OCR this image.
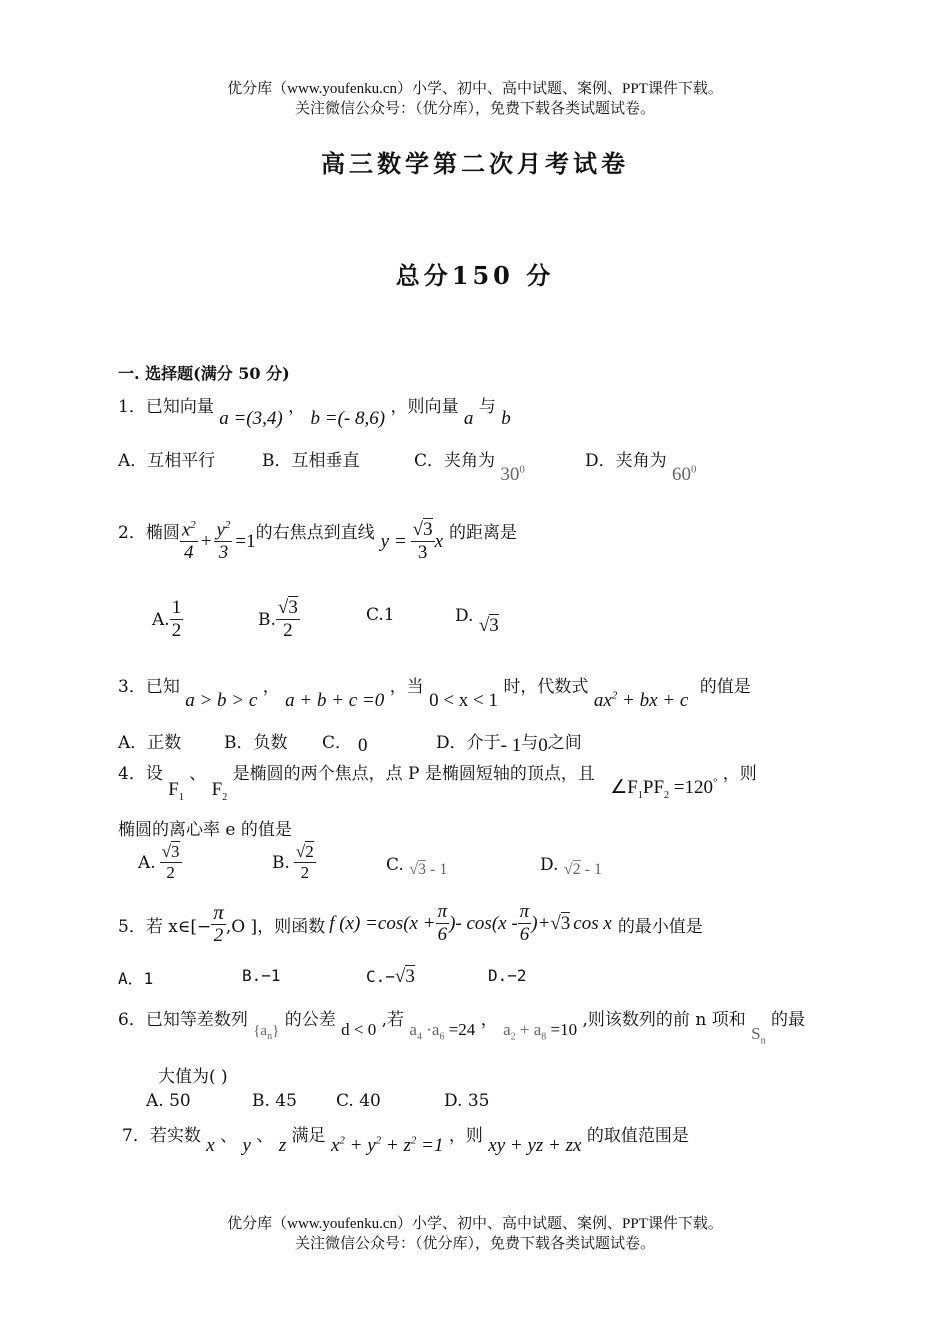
优分库（www.youfenku.cn）小学、初中、高中试题、案例、PPT课件下载。
关注微信公众号：（优分库），免费下载各类试题试卷。
高三数学第二次月考试卷
总分150 分
一. 选择题(满分 50 分)
1．已知向量 a =(3,4) ， b =(- 8,6) ，则向量 a 与 b
A．互相平行	B．互相垂直	C．夹角为 $30^0$	D．夹角为 $60^0$
2．椭圆 $\frac{x^2}{4} + \frac{y^2}{3} =1$ 的右焦点到直线 $y = \frac{√3}{3}$ x 的距离是
A. $\frac{1}{2}$	B. $\frac{√3}{2}$	C.1	D. √3
3．已知 a > b > c ， a + b + c =0 ，当 0 < x < 1 时，代数式 $ax^2$ + bx + c 的值是
A．正数	B．负数 C． 0	D．介于- 1与0之间
4．设 $F_1$ 、 $F_2$ 是椭圆的两个焦点，点 P 是椭圆短轴的顶点，且 $\angle F_1PF_2 =120^\circ$ ，则
椭圆的离心率 e 的值是
A. $\frac{√3}{2}$	B. $\frac{√2}{2}$	C. √3 - 1	D. √2 - 1
5．若 x∈[− $\frac{\pi}{2} ,O$ ]，则函数 f $(x) =\cos(x + \frac{\pi}{6}$ )- $\cos(x - \frac{\pi}{6}$ )+ √3 cos x 的最小值是
A．1	B.−1	C.−√3	D.−2
6．已知等差数列 $\{a_n\}$ 的公差 d < 0 ,若 $a_4 \cdot a_6 =24$ ， $a_2 + a_8 =10$ ,则该数列的前 n 项和 $S_n$ 的最
大值为( )
A. 50	B. 45 C. 40	D. 35
7．若实数 x 、 y 、 z 满足 $x^2 + y^2 + z^2 =1$ ，则 xy + yz + zx 的取值范围是
优分库（www.youfenku.cn）小学、初中、高中试题、案例、PPT课件下载。
关注微信公众号：（优分库），免费下载各类试题试卷。
